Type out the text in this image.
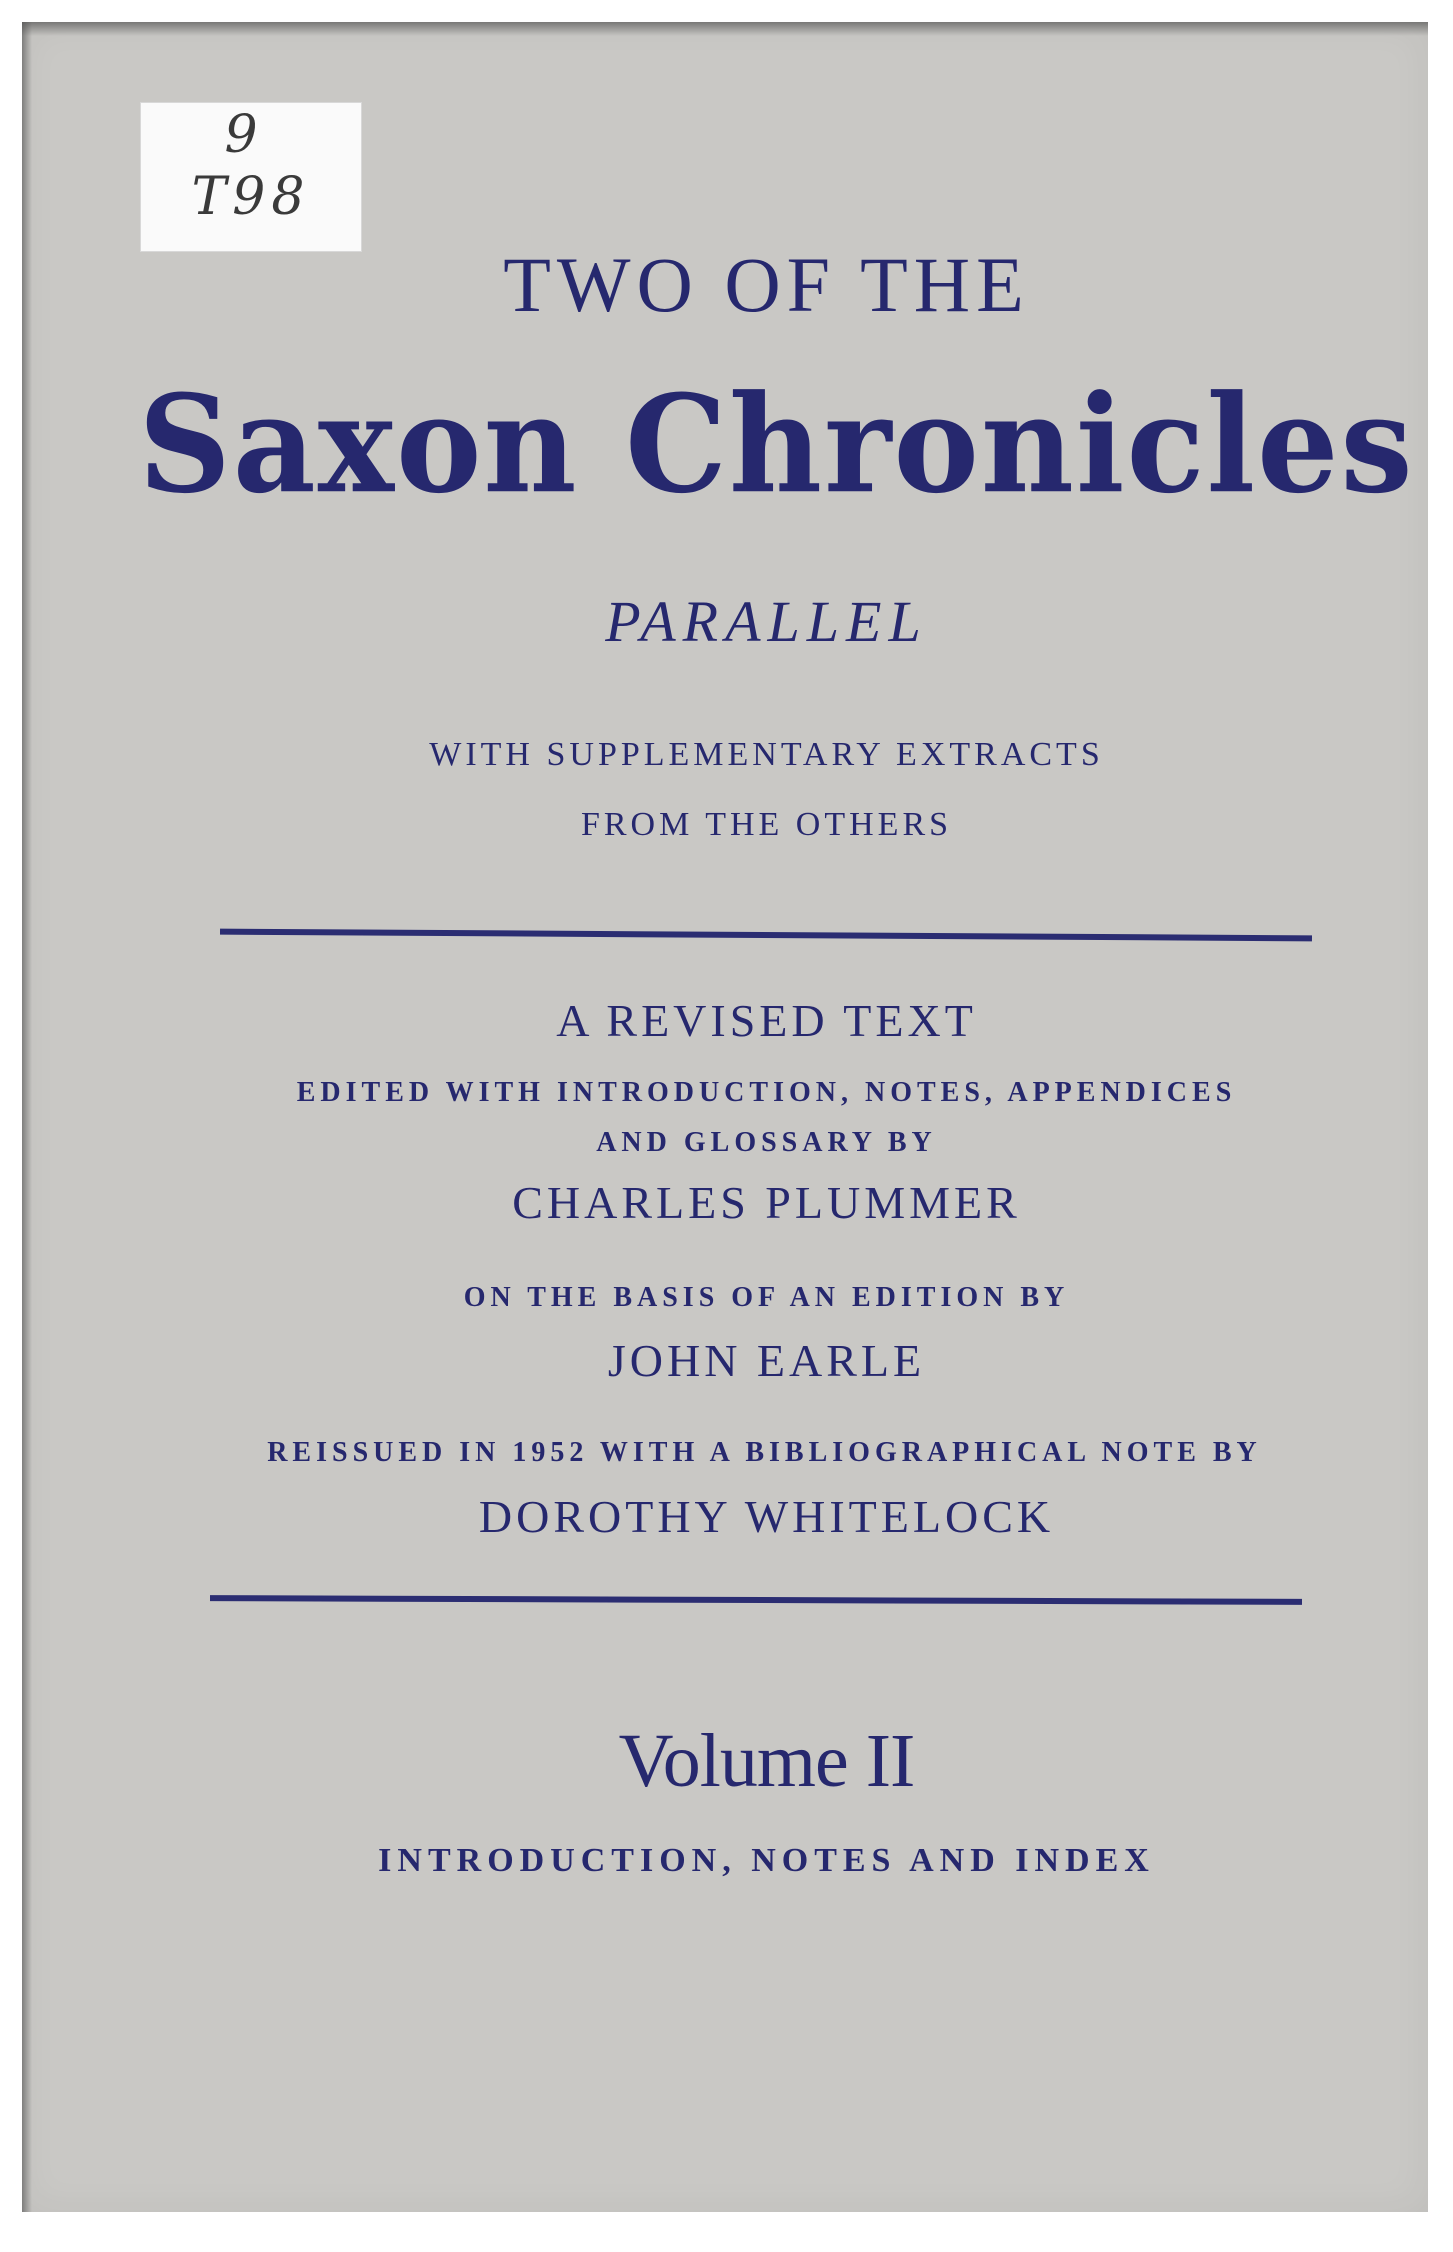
9
T98
TWO OF THE
Saxon Chronicles
PARALLEL
WITH SUPPLEMENTARY EXTRACTS
FROM THE OTHERS
A REVISED TEXT
EDITED WITH INTRODUCTION, NOTES, APPENDICES
AND GLOSSARY BY
CHARLES PLUMMER
ON THE BASIS OF AN EDITION BY
JOHN EARLE
REISSUED IN 1952 WITH A BIBLIOGRAPHICAL NOTE BY
DOROTHY WHITELOCK
Volume II
INTRODUCTION, NOTES AND INDEX
